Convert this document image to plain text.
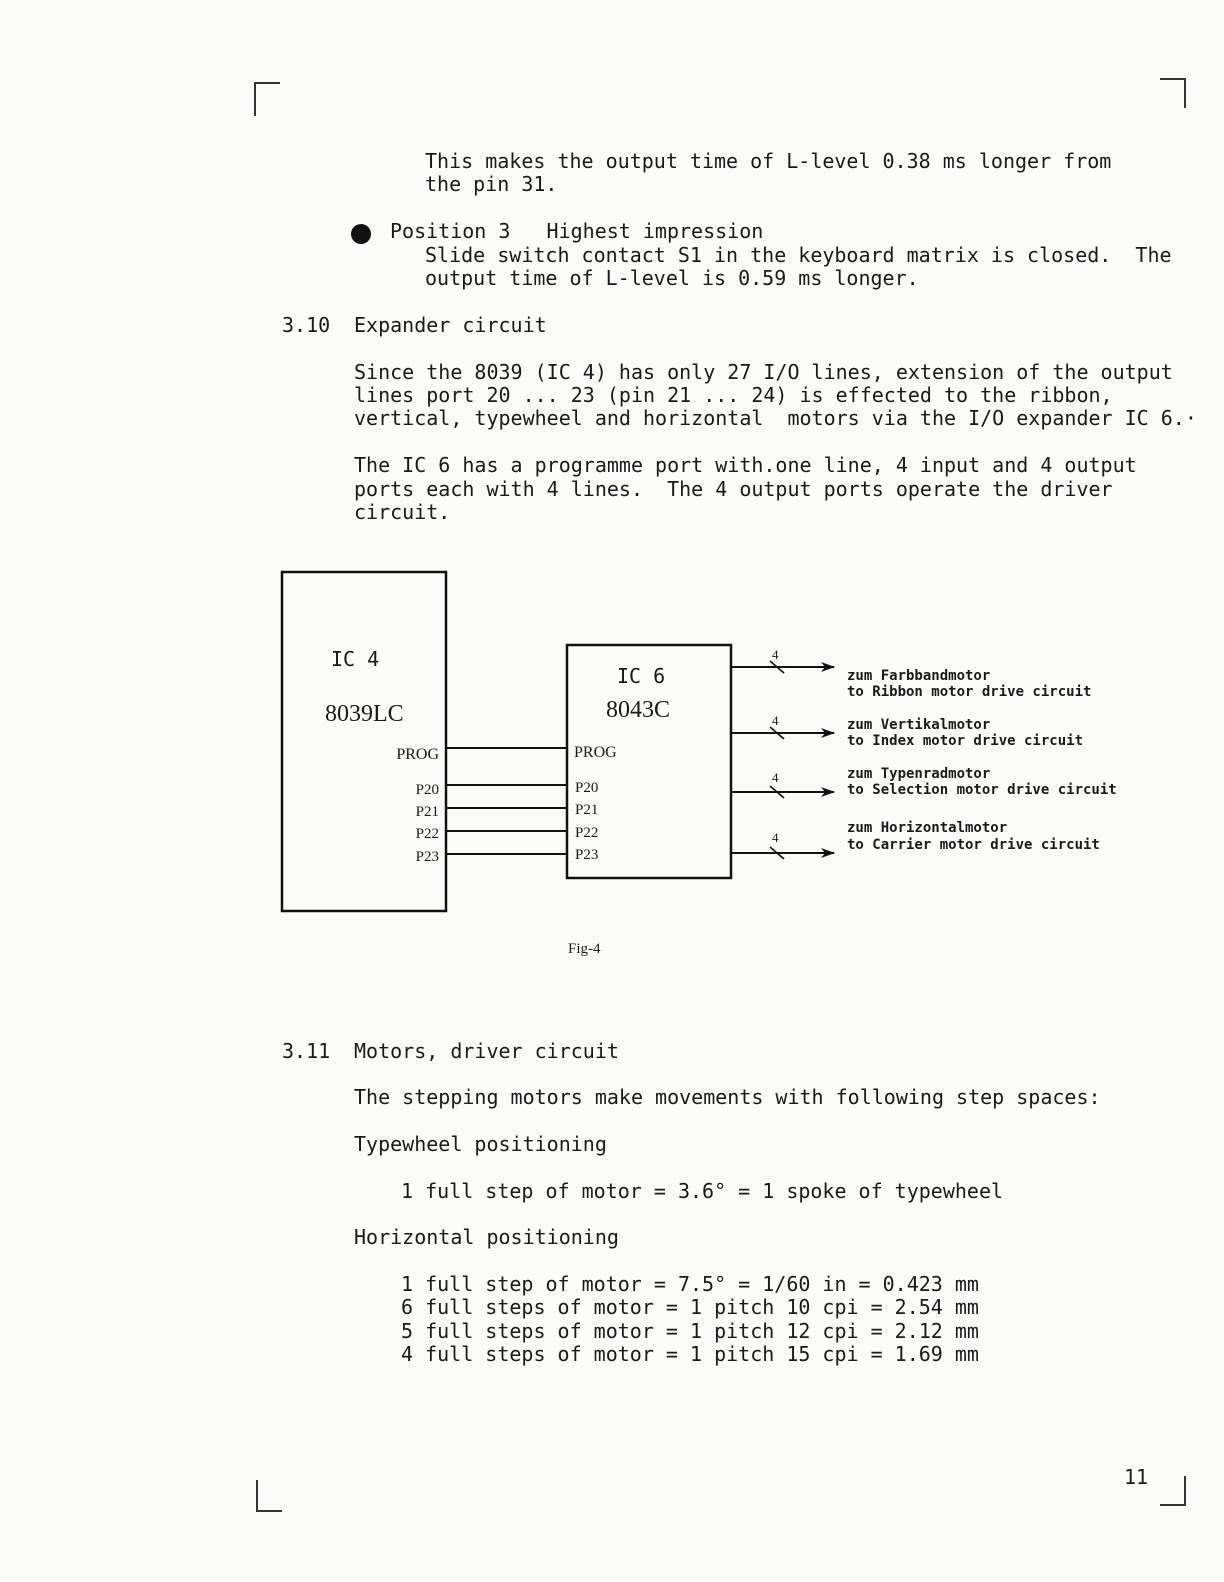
This makes the output time of L-level 0.38 ms longer from
the pin 31.
Position 3   Highest impression
Slide switch contact S1 in the keyboard matrix is closed.  The
output time of L-level is 0.59 ms longer.
3.10 Expander circuit
Since the 8039 (IC 4) has only 27 I/O lines, extension of the output
lines port 20 ... 23 (pin 21 ... 24) is effected to the ribbon,
vertical, typewheel and horizontal  motors via the I/O expander IC 6.·
The IC 6 has a programme port with.one line, 4 input and 4 output
ports each with 4 lines.  The 4 output ports operate the driver
circuit.
IC 4
8039LC
PROG
P20
P21
P22
P23
IC 6
8043C
PROG
P20
P21
P22
P23
4
4
4
4
zum Farbbandmotor
to Ribbon motor drive circuit
zum Vertikalmotor
to Index motor drive circuit
zum Typenradmotor
to Selection motor drive circuit
zum Horizontalmotor
to Carrier motor drive circuit
Fig-4
3.11 Motors, driver circuit
The stepping motors make movements with following step spaces:
Typewheel positioning
1 full step of motor = 3.6° = 1 spoke of typewheel
Horizontal positioning
1 full step of motor = 7.5° = 1/60 in = 0.423 mm
6 full steps of motor = 1 pitch 10 cpi = 2.54 mm
5 full steps of motor = 1 pitch 12 cpi = 2.12 mm
4 full steps of motor = 1 pitch 15 cpi = 1.69 mm
11
